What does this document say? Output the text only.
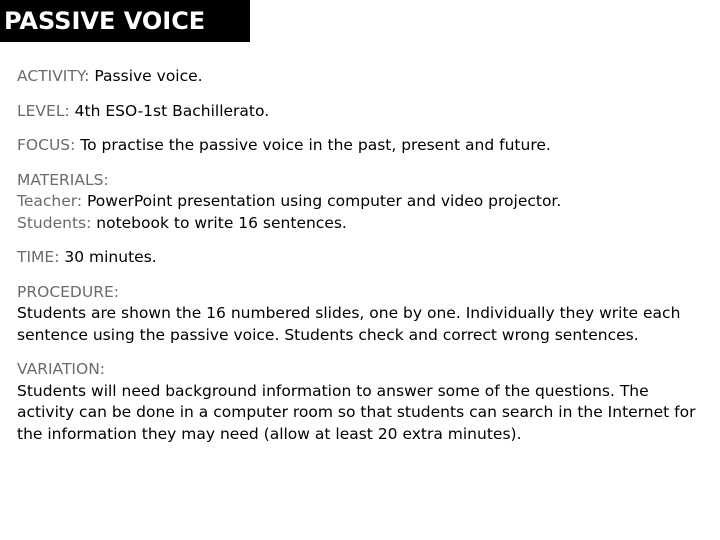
PASSIVE VOICE
ACTIVITY: Passive voice.
LEVEL: 4th ESO-1st Bachillerato.
FOCUS: To practise the passive voice in the past, present and future.
MATERIALS:
Teacher: PowerPoint presentation using computer and video projector.
Students: notebook to write 16 sentences.
TIME: 30 minutes.
PROCEDURE:
Students are shown the 16 numbered slides, one by one. Individually they write each sentence using the passive voice. Students check and correct wrong sentences.
VARIATION:
Students will need background information to answer some of the questions. The activity can be done in a computer room so that students can search in the Internet for the information they may need (allow at least 20 extra minutes).
